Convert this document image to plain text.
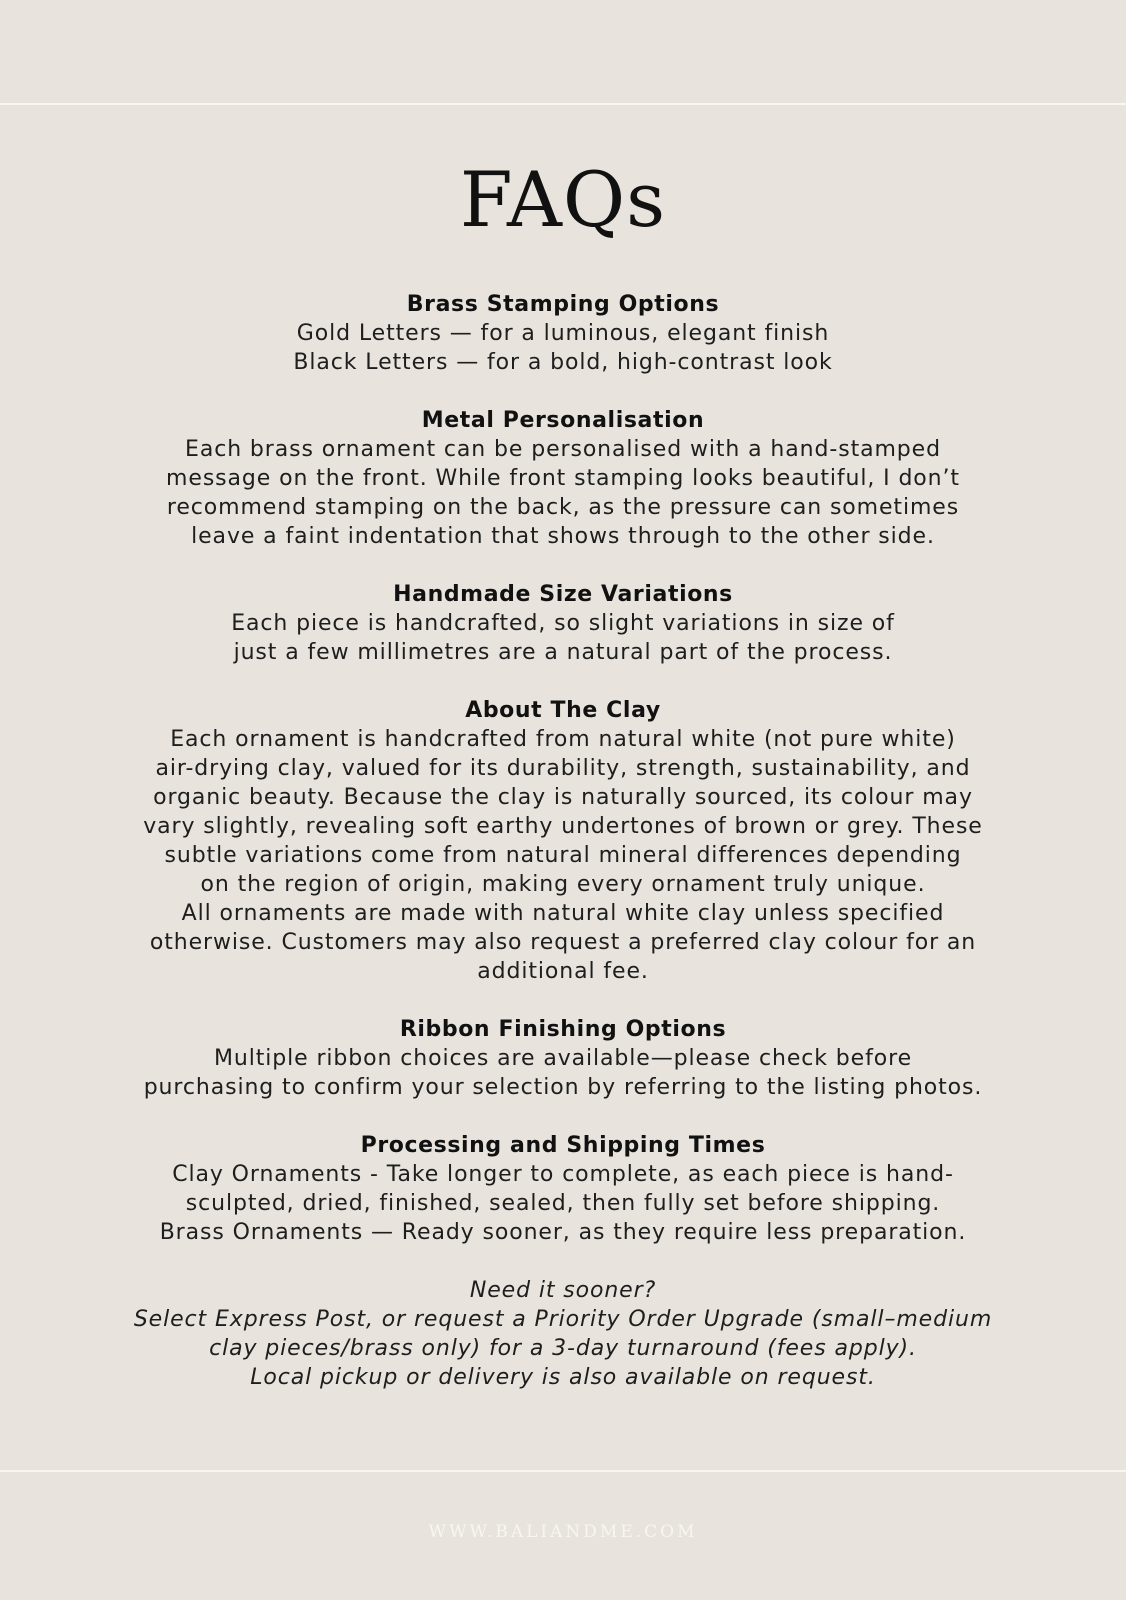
FAQs

Brass Stamping Options

Gold Letters — for a luminous, elegant finish

Black Letters — for a bold, high-contrast look

Metal Personalisation

Each brass ornament can be personalised with a hand-stamped

message on the front. While front stamping looks beautiful, I don’t

recommend stamping on the back, as the pressure can sometimes

leave a faint indentation that shows through to the other side.

Handmade Size Variations

Each piece is handcrafted, so slight variations in size of

just a few millimetres are a natural part of the process.

About The Clay

Each ornament is handcrafted from natural white (not pure white)

air-drying clay, valued for its durability, strength, sustainability, and

organic beauty. Because the clay is naturally sourced, its colour may

vary slightly, revealing soft earthy undertones of brown or grey. These

subtle variations come from natural mineral differences depending

on the region of origin, making every ornament truly unique.

All ornaments are made with natural white clay unless specified

otherwise. Customers may also request a preferred clay colour for an

additional fee.

Ribbon Finishing Options

Multiple ribbon choices are available—please check before

purchasing to confirm your selection by referring to the listing photos.

Processing and Shipping Times

Clay Ornaments - Take longer to complete, as each piece is hand-

sculpted, dried, finished, sealed, then fully set before shipping.

Brass Ornaments — Ready sooner, as they require less preparation.

Need it sooner?

Select Express Post, or request a Priority Order Upgrade (small–medium

clay pieces/brass only) for a 3-day turnaround (fees apply).

Local pickup or delivery is also available on request.

WWW.BALIANDME.COM
